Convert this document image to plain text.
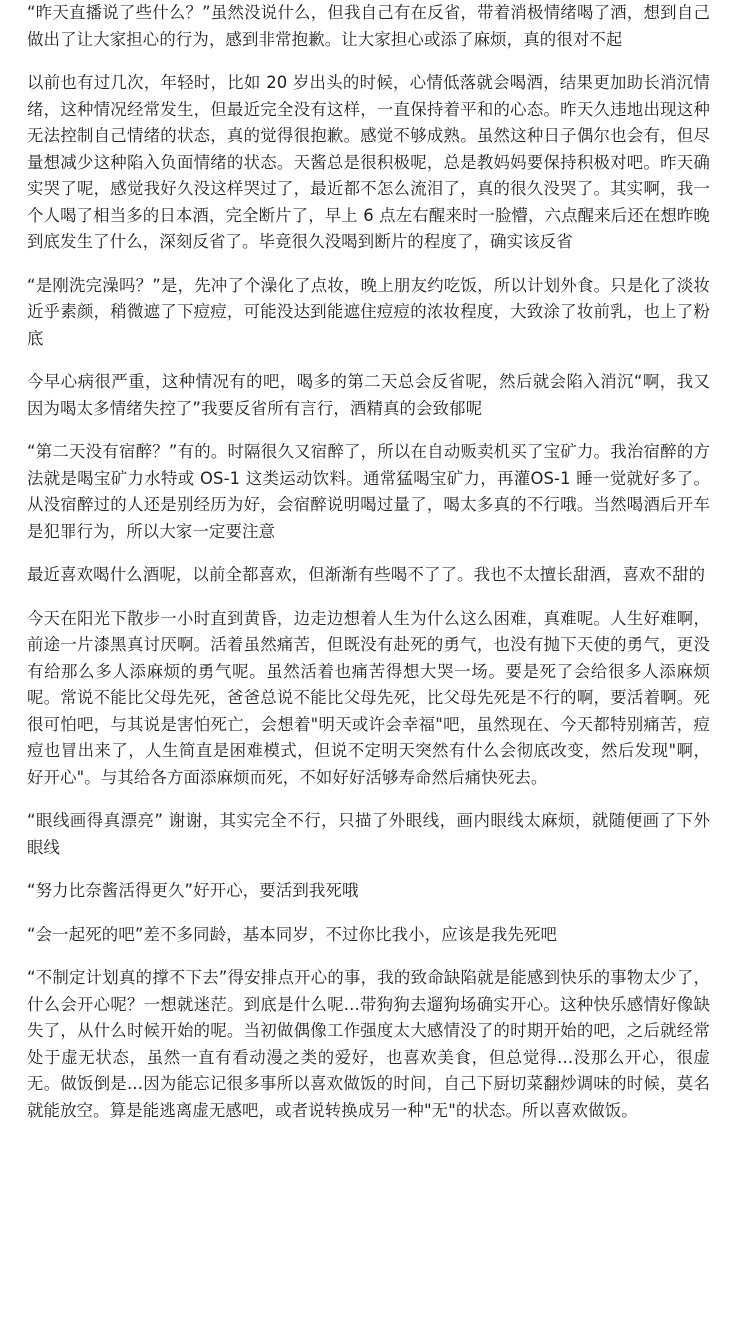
“昨天直播说了些什么？”虽然没说什么，但我自己有在反省，带着消极情绪喝了酒，想到自己做出了让大家担心的行为，感到非常抱歉。让大家担心或添了麻烦，真的很对不起

以前也有过几次，年轻时，比如 20 岁出头的时候，心情低落就会喝酒，结果更加助长消沉情绪，这种情况经常发生，但最近完全没有这样，一直保持着平和的心态。昨天久违地出现这种无法控制自己情绪的状态，真的觉得很抱歉。感觉不够成熟。虽然这种日子偶尔也会有，但尽量想减少这种陷入负面情绪的状态。天酱总是很积极呢，总是教妈妈要保持积极对吧。昨天确实哭了呢，感觉我好久没这样哭过了，最近都不怎么流泪了，真的很久没哭了。其实啊，我一个人喝了相当多的日本酒，完全断片了，早上 6 点左右醒来时一脸懵，六点醒来后还在想昨晚到底发生了什么，深刻反省了。毕竟很久没喝到断片的程度了，确实该反省

“是刚洗完澡吗？”是，先冲了个澡化了点妆，晚上朋友约吃饭，所以计划外食。只是化了淡妆近乎素颜，稍微遮了下痘痘，可能没达到能遮住痘痘的浓妆程度，大致涂了妆前乳，也上了粉底

今早心病很严重，这种情况有的吧，喝多的第二天总会反省呢，然后就会陷入消沉“啊，我又因为喝太多情绪失控了”我要反省所有言行，酒精真的会致郁呢

“第二天没有宿醉？”有的。时隔很久又宿醉了，所以在自动贩卖机买了宝矿力。我治宿醉的方法就是喝宝矿力水特或 OS-1 这类运动饮料。通常猛喝宝矿力，再灌OS-1 睡一觉就好多了。从没宿醉过的人还是别经历为好，会宿醉说明喝过量了，喝太多真的不行哦。当然喝酒后开车是犯罪行为，所以大家一定要注意

最近喜欢喝什么酒呢，以前全都喜欢，但渐渐有些喝不了了。我也不太擅长甜酒，喜欢不甜的

今天在阳光下散步一小时直到黄昏，边走边想着人生为什么这么困难，真难呢。人生好难啊，前途一片漆黑真讨厌啊。活着虽然痛苦，但既没有赴死的勇气，也没有抛下天使的勇气，更没有给那么多人添麻烦的勇气呢。虽然活着也痛苦得想大哭一场。要是死了会给很多人添麻烦呢。常说不能比父母先死，爸爸总说不能比父母先死，比父母先死是不行的啊，要活着啊。死很可怕吧，与其说是害怕死亡，会想着"明天或许会幸福"吧，虽然现在、今天都特别痛苦，痘痘也冒出来了，人生简直是困难模式，但说不定明天突然有什么会彻底改变，然后发现"啊，好开心"。与其给各方面添麻烦而死，不如好好活够寿命然后痛快死去。

“眼线画得真漂亮” 谢谢，其实完全不行，只描了外眼线，画内眼线太麻烦，就随便画了下外眼线

“努力比奈酱活得更久”好开心，要活到我死哦

“会一起死的吧”差不多同龄，基本同岁，不过你比我小，应该是我先死吧

“不制定计划真的撑不下去”得安排点开心的事，我的致命缺陷就是能感到快乐的事物太少了，什么会开心呢？一想就迷茫。到底是什么呢...带狗狗去遛狗场确实开心。这种快乐感情好像缺失了，从什么时候开始的呢。当初做偶像工作强度太大感情没了的时期开始的吧，之后就经常处于虚无状态，虽然一直有看动漫之类的爱好，也喜欢美食，但总觉得...没那么开心，很虚无。做饭倒是...因为能忘记很多事所以喜欢做饭的时间，自己下厨切菜翻炒调味的时候，莫名就能放空。算是能逃离虚无感吧，或者说转换成另一种"无"的状态。所以喜欢做饭。
